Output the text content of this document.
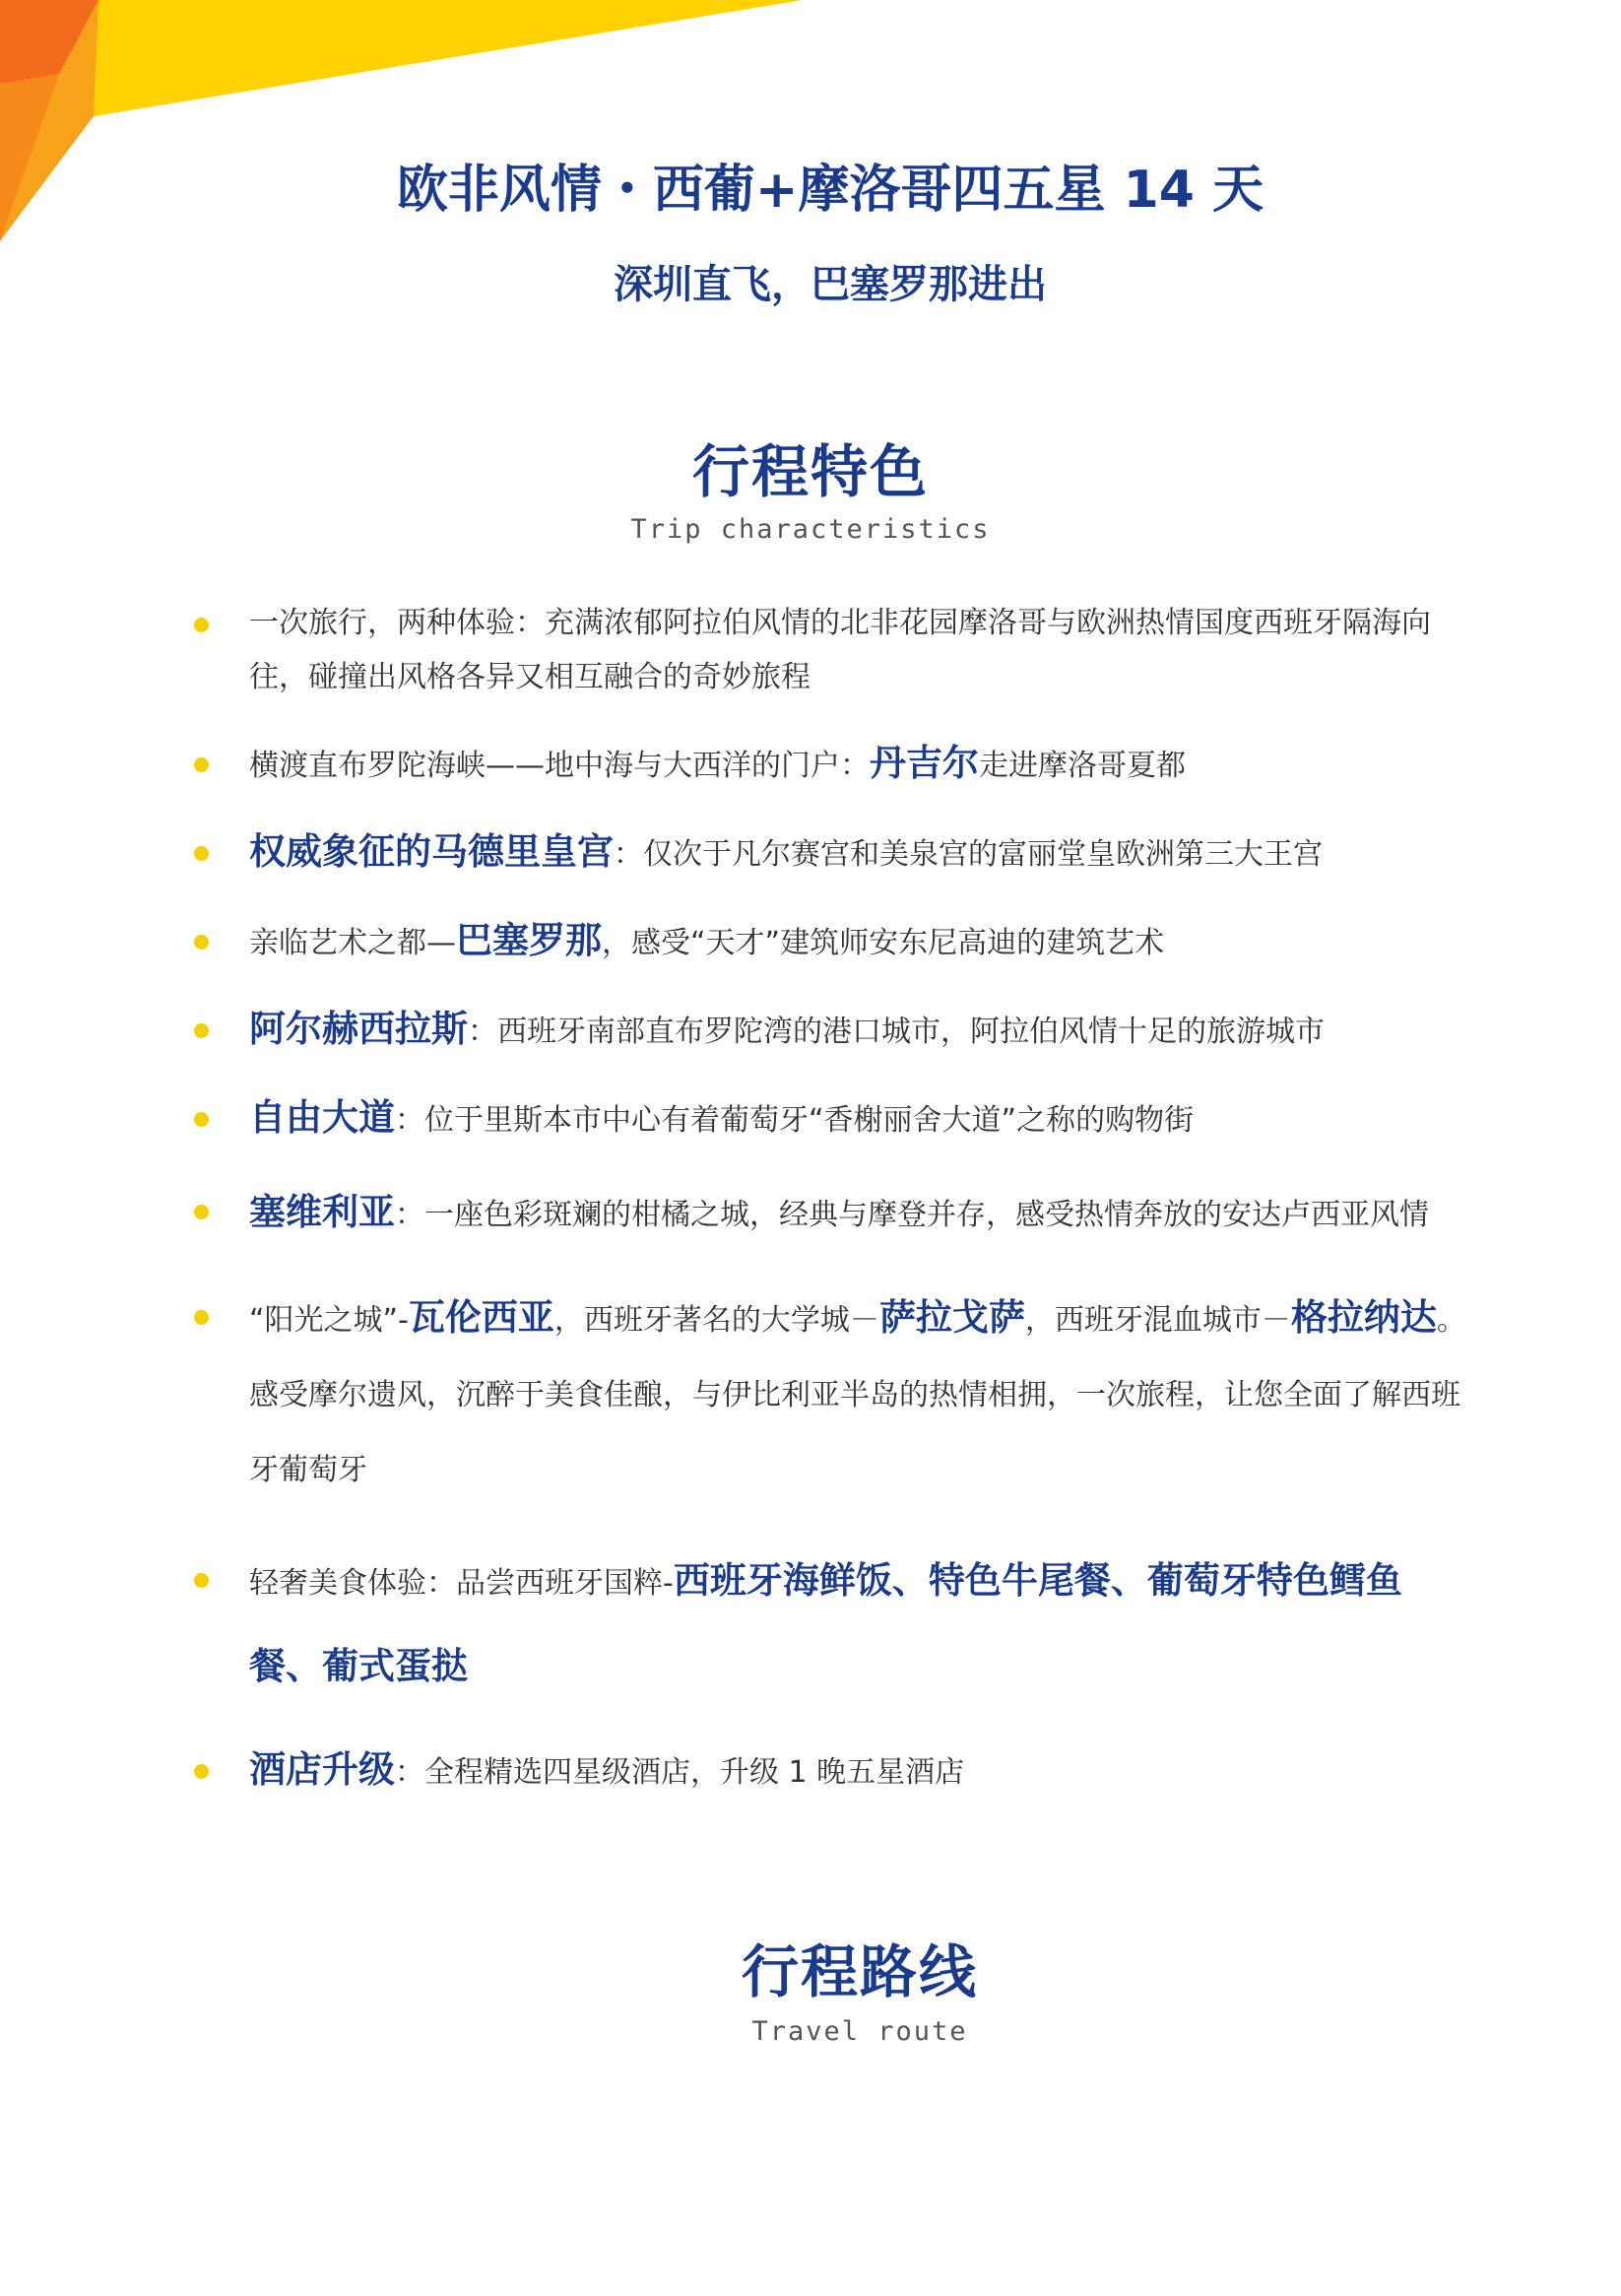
欧非风情・西葡+摩洛哥四五星 14 天
深圳直飞，巴塞罗那进出
行程特色
Trip characteristics
一次旅行，两种体验：充满浓郁阿拉伯风情的北非花园摩洛哥与欧洲热情国度西班牙隔海向往，碰撞出风格各异又相互融合的奇妙旅程
横渡直布罗陀海峡——地中海与大西洋的门户：丹吉尔走进摩洛哥夏都
权威象征的马德里皇宫：仅次于凡尔赛宫和美泉宫的富丽堂皇欧洲第三大王宫
亲临艺术之都—巴塞罗那，感受“天才”建筑师安东尼高迪的建筑艺术
阿尔赫西拉斯：西班牙南部直布罗陀湾的港口城市，阿拉伯风情十足的旅游城市
自由大道：位于里斯本市中心有着葡萄牙“香榭丽舍大道”之称的购物街
塞维利亚：一座色彩斑斓的柑橘之城，经典与摩登并存，感受热情奔放的安达卢西亚风情
“阳光之城”-瓦伦西亚，西班牙著名的大学城－萨拉戈萨，西班牙混血城市－格拉纳达。感受摩尔遗风，沉醉于美食佳酿，与伊比利亚半岛的热情相拥，一次旅程，让您全面了解西班牙葡萄牙
轻奢美食体验：品尝西班牙国粹-西班牙海鲜饭、特色牛尾餐、葡萄牙特色鳕鱼餐、葡式蛋挞
酒店升级：全程精选四星级酒店，升级 1 晚五星酒店
行程路线
Travel route
